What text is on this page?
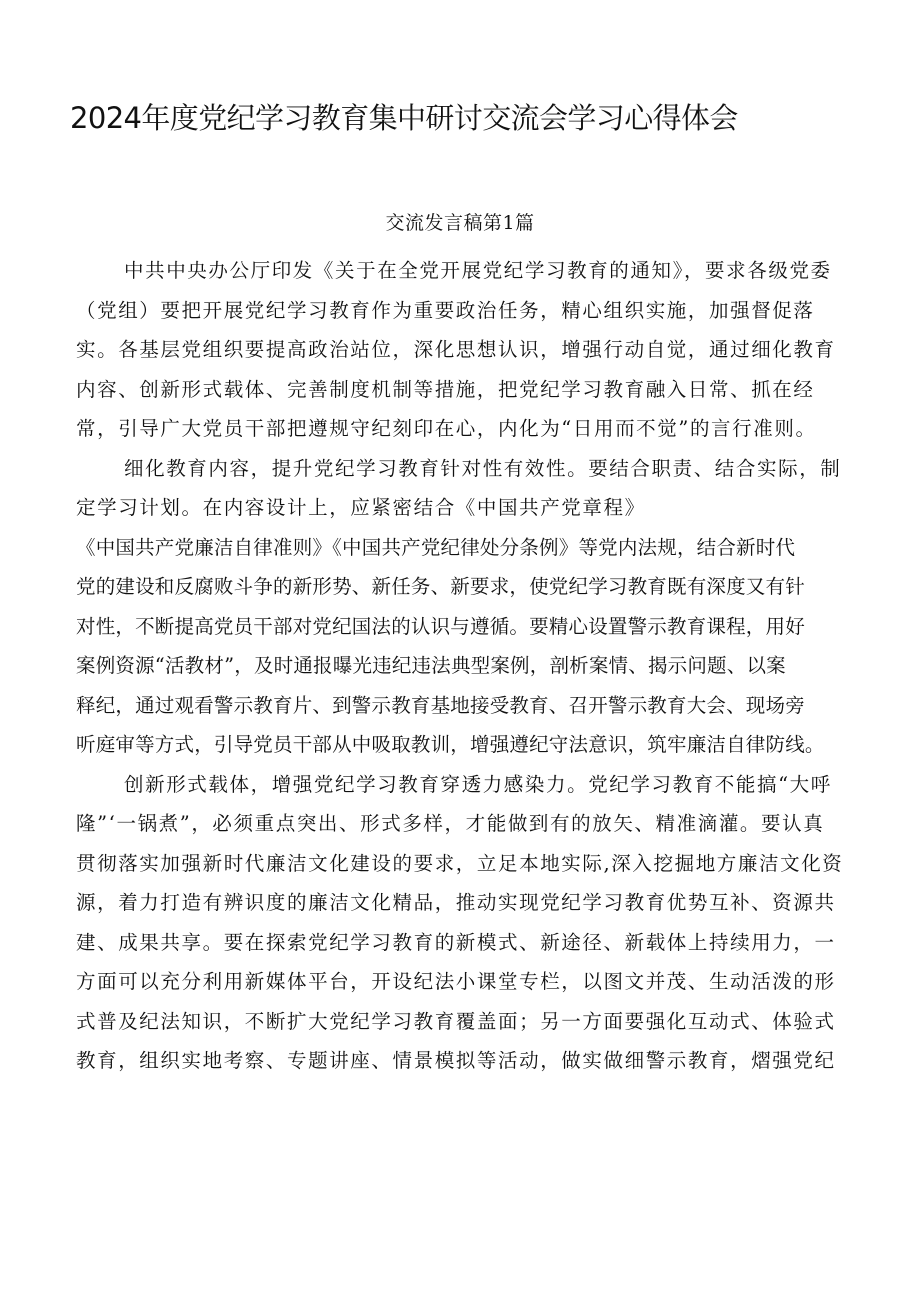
2024年度党纪学习教育集中研讨交流会学习心得体会
交流发言稿第1篇
中共中央办公厅印发《关于在全党开展党纪学习教育的通知》，要求各级党委
（党组）要把开展党纪学习教育作为重要政治任务，精心组织实施，加强督促落
实。各基层党组织要提高政治站位，深化思想认识，增强行动自觉，通过细化教育
内容、创新形式载体、完善制度机制等措施，把党纪学习教育融入日常、抓在经
常，引导广大党员干部把遵规守纪刻印在心，内化为“日用而不觉”的言行准则。
细化教育内容，提升党纪学习教育针对性有效性。要结合职责、结合实际，制
定学习计划。在内容设计上，应紧密结合《中国共产党章程》
《中国共产党廉洁自律准则》《中国共产党纪律处分条例》等党内法规，结合新时代
党的建设和反腐败斗争的新形势、新任务、新要求，使党纪学习教育既有深度又有针
对性，不断提高党员干部对党纪国法的认识与遵循。要精心设置警示教育课程，用好
案例资源“活教材”，及时通报曝光违纪违法典型案例，剖析案情、揭示问题、以案
释纪，通过观看警示教育片、到警示教育基地接受教育、召开警示教育大会、现场旁
听庭审等方式，引导党员干部从中吸取教训，增强遵纪守法意识，筑牢廉洁自律防线。
创新形式载体，增强党纪学习教育穿透力感染力。党纪学习教育不能搞“大呼
隆”‘一锅煮”，必须重点突出、形式多样，才能做到有的放矢、精准滴灌。要认真
贯彻落实加强新时代廉洁文化建设的要求，立足本地实际,深入挖掘地方廉洁文化资
源，着力打造有辨识度的廉洁文化精品，推动实现党纪学习教育优势互补、资源共
建、成果共享。要在探索党纪学习教育的新模式、新途径、新载体上持续用力，一
方面可以充分利用新媒体平台，开设纪法小课堂专栏，以图文并茂、生动活泼的形
式普及纪法知识，不断扩大党纪学习教育覆盖面；另一方面要强化互动式、体验式
教育，组织实地考察、专题讲座、情景模拟等活动，做实做细警示教育，熠强党纪
